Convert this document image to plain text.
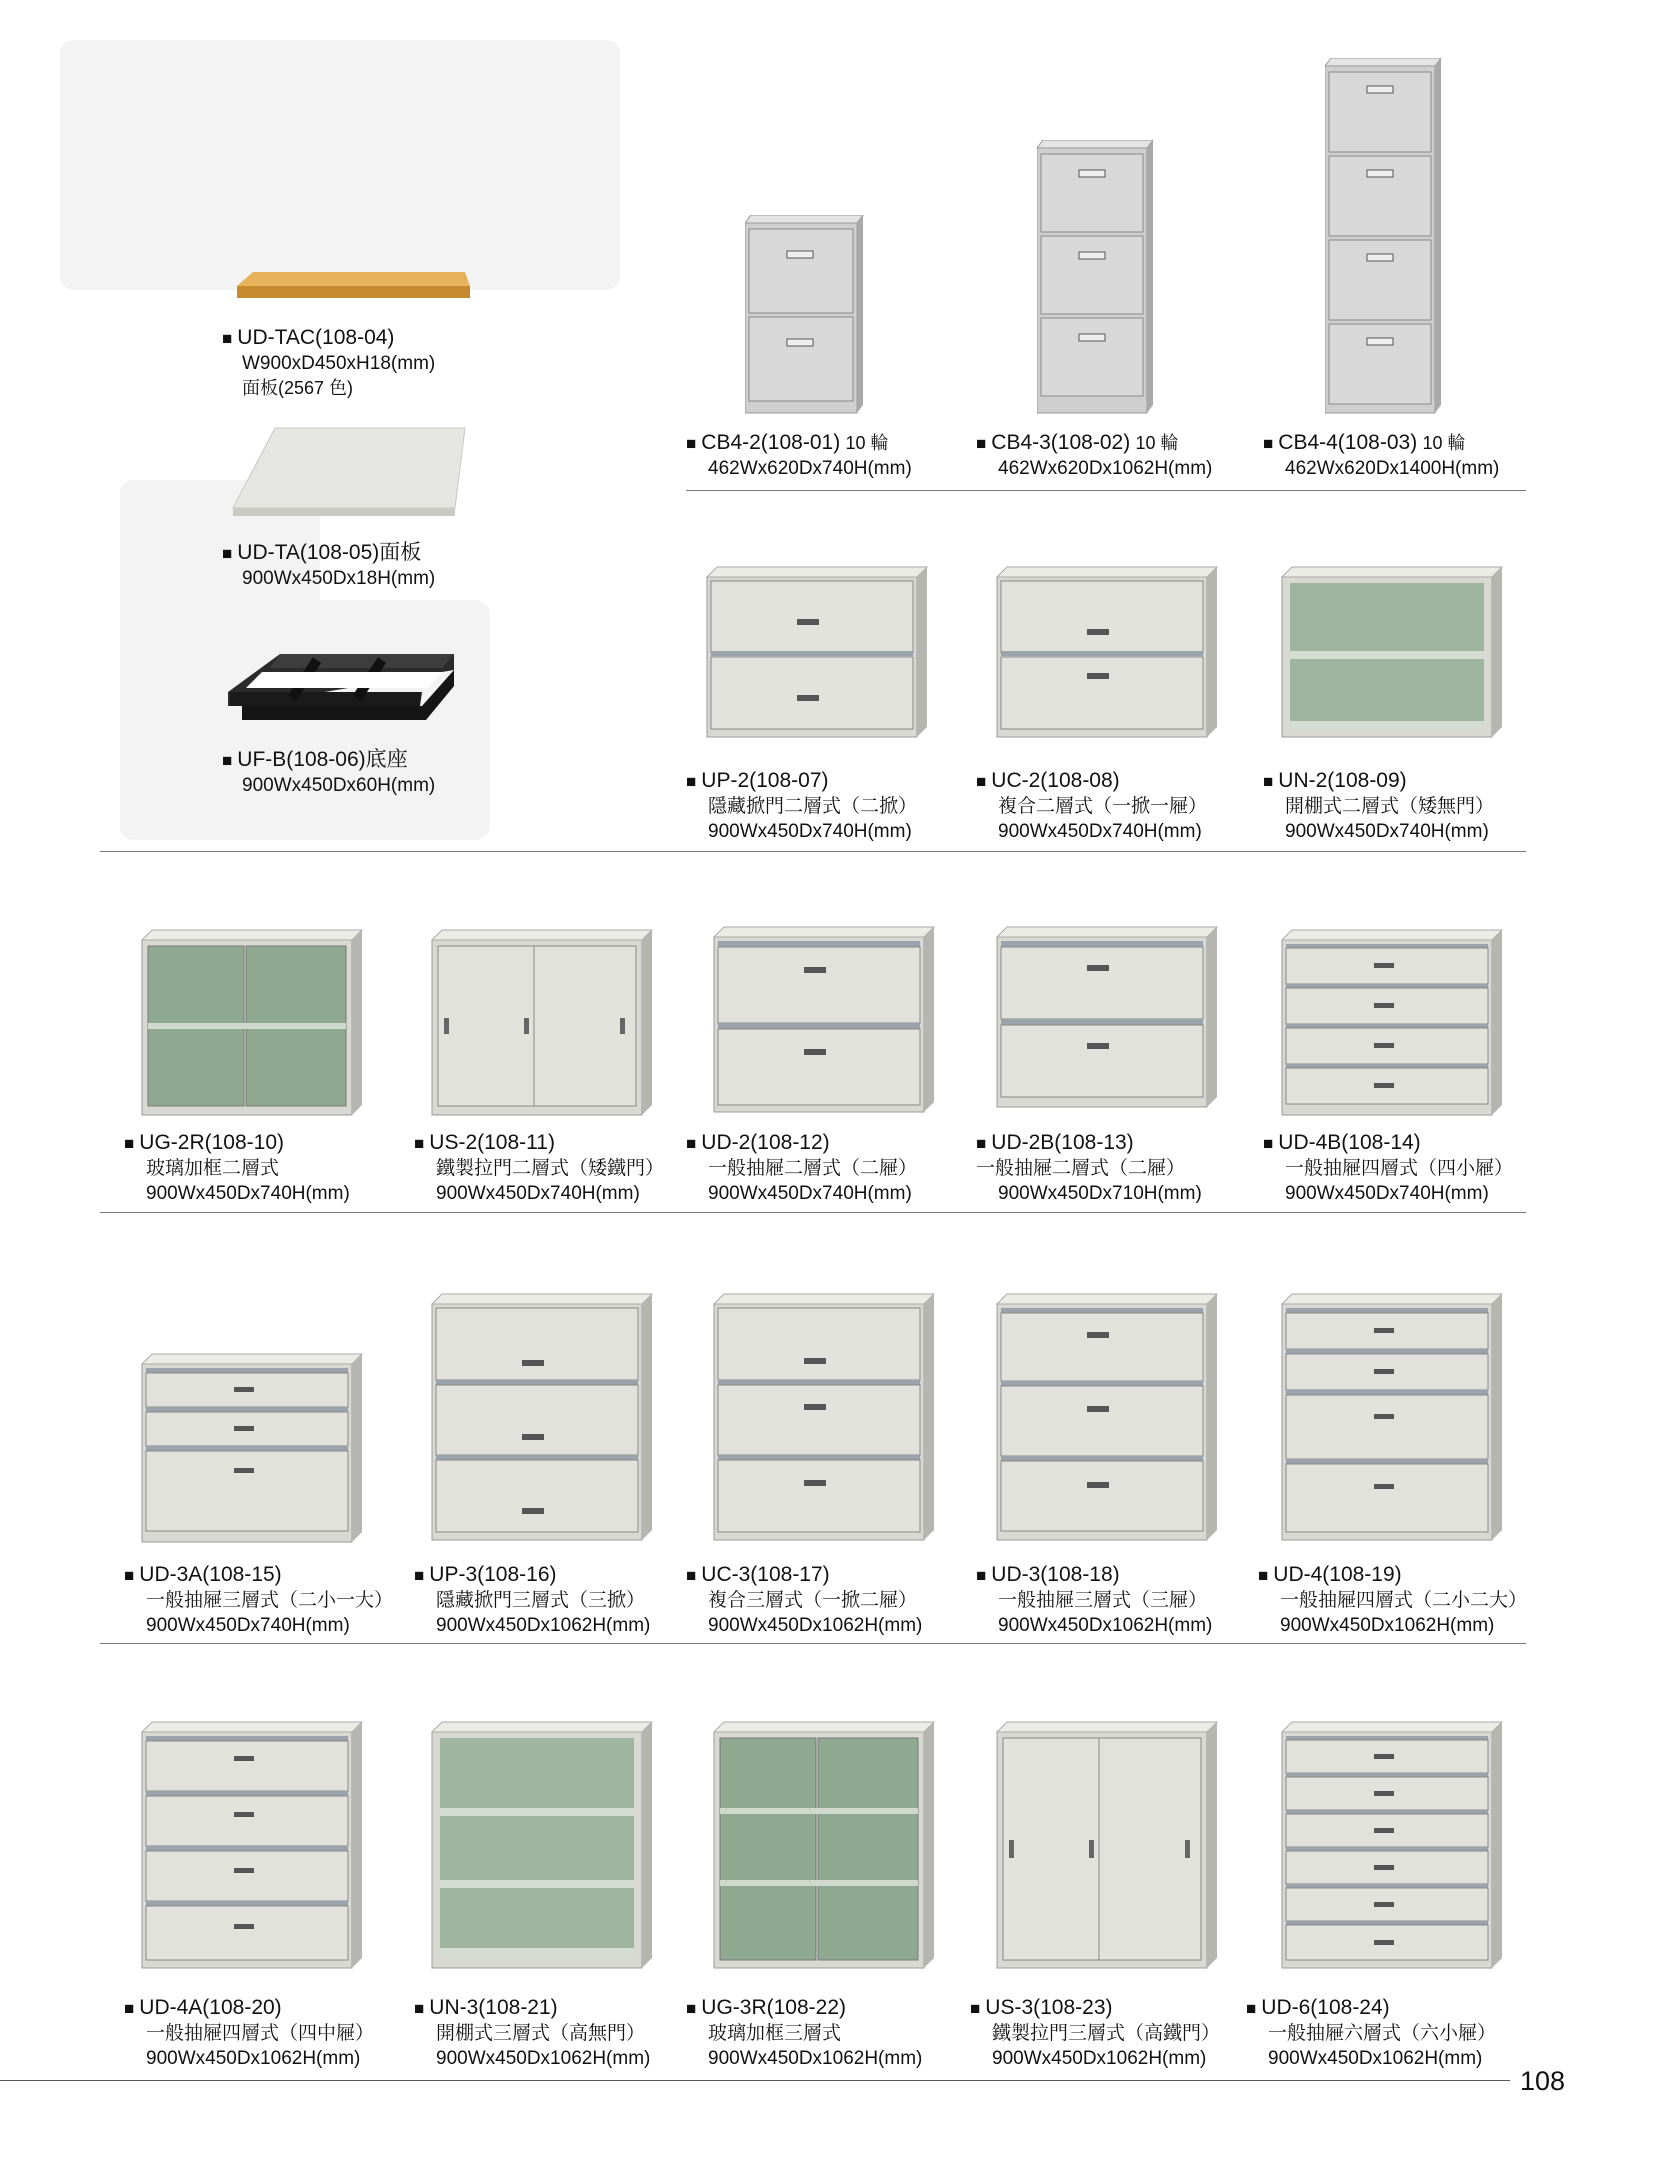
■ UD-TAC(108-04)
W900xD450xH18(mm)
面板(2567 色)
■ UD-TA(108-05)面板
900Wx450Dx18H(mm)
■ UF-B(108-06)底座
900Wx450Dx60H(mm)
■ CB4-2(108-01) 10 輪
462Wx620Dx740H(mm)
■ CB4-3(108-02) 10 輪
462Wx620Dx1062H(mm)
■ CB4-4(108-03) 10 輪
462Wx620Dx1400H(mm)
■ UP-2(108-07)
隱藏掀門二層式（二掀）
900Wx450Dx740H(mm)
■ UC-2(108-08)
複合二層式（一掀一屜）
900Wx450Dx740H(mm)
■ UN-2(108-09)
開棚式二層式（矮無門）
900Wx450Dx740H(mm)
■ UG-2R(108-10)
玻璃加框二層式
900Wx450Dx740H(mm)
■ US-2(108-11)
鐵製拉門二層式（矮鐵門）
900Wx450Dx740H(mm)
■ UD-2(108-12)
一般抽屜二層式（二屜）
900Wx450Dx740H(mm)
■ UD-2B(108-13)
一般抽屜二層式（二屜）
900Wx450Dx710H(mm)
■ UD-4B(108-14)
一般抽屜四層式（四小屜）
900Wx450Dx740H(mm)
■ UD-3A(108-15)
一般抽屜三層式（二小一大）
900Wx450Dx740H(mm)
■ UP-3(108-16)
隱藏掀門三層式（三掀）
900Wx450Dx1062H(mm)
■ UC-3(108-17)
複合三層式（一掀二屜）
900Wx450Dx1062H(mm)
■ UD-3(108-18)
一般抽屜三層式（三屜）
900Wx450Dx1062H(mm)
■ UD-4(108-19)
一般抽屜四層式（二小二大）
900Wx450Dx1062H(mm)
■ UD-4A(108-20)
一般抽屜四層式（四中屜）
900Wx450Dx1062H(mm)
■ UN-3(108-21)
開棚式三層式（高無門）
900Wx450Dx1062H(mm)
■ UG-3R(108-22)
玻璃加框三層式
900Wx450Dx1062H(mm)
■ US-3(108-23)
鐵製拉門三層式（高鐵門）
900Wx450Dx1062H(mm)
■ UD-6(108-24)
一般抽屜六層式（六小屜）
900Wx450Dx1062H(mm)
108
